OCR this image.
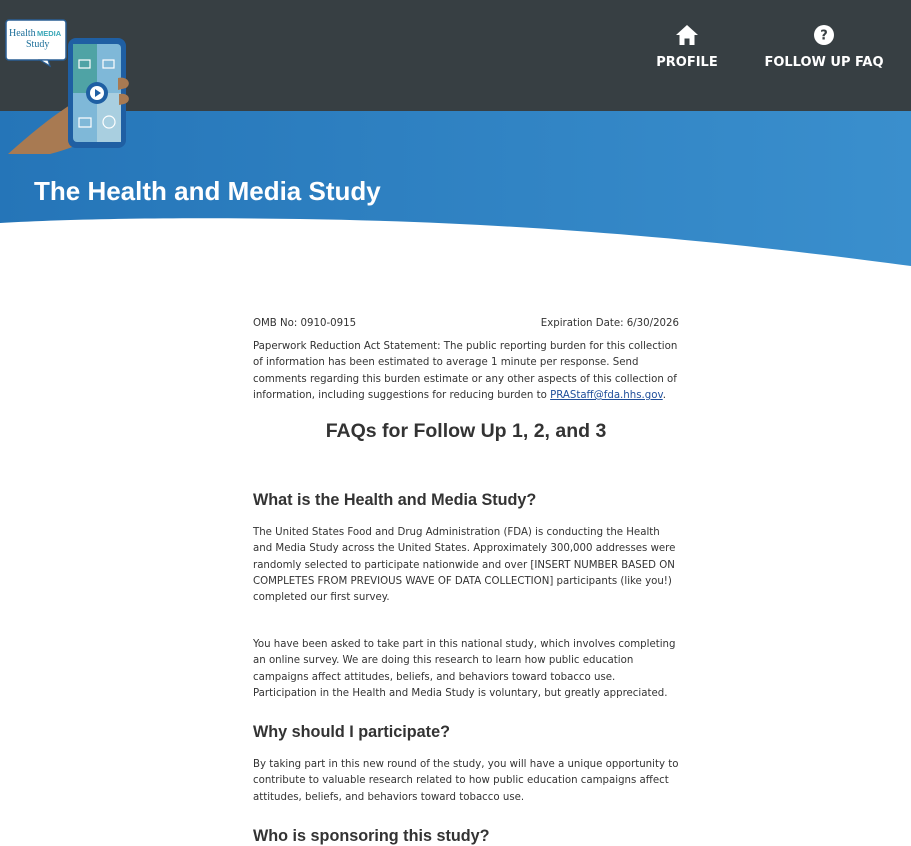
Health MEDIA
Study
PROFILE
?
FOLLOW UP FAQ
The Health and Media Study
OMB No: 0910-0915	Expiration Date: 6/30/2026

Paperwork Reduction Act Statement: The public reporting burden for this collection of information has been estimated to average 1 minute per response. Send comments regarding this burden estimate or any other aspects of this collection of information, including suggestions for reducing burden to PRAStaff@fda.hhs.gov.

FAQs for Follow Up 1, 2, and 3
What is the Health and Media Study?

The United States Food and Drug Administration (FDA) is conducting the Health and Media Study across the United States. Approximately 300,000 addresses were randomly selected to participate nationwide and over [INSERT NUMBER BASED ON COMPLETES FROM PREVIOUS WAVE OF DATA COLLECTION] participants (like you!) completed our first survey.

You have been asked to take part in this national study, which involves completing an online survey. We are doing this research to learn how public education campaigns affect attitudes, beliefs, and behaviors toward tobacco use. Participation in the Health and Media Study is voluntary, but greatly appreciated.

Why should I participate?

By taking part in this new round of the study, you will have a unique opportunity to contribute to valuable research related to how public education campaigns affect attitudes, beliefs, and behaviors toward tobacco use.

Who is sponsoring this study?
